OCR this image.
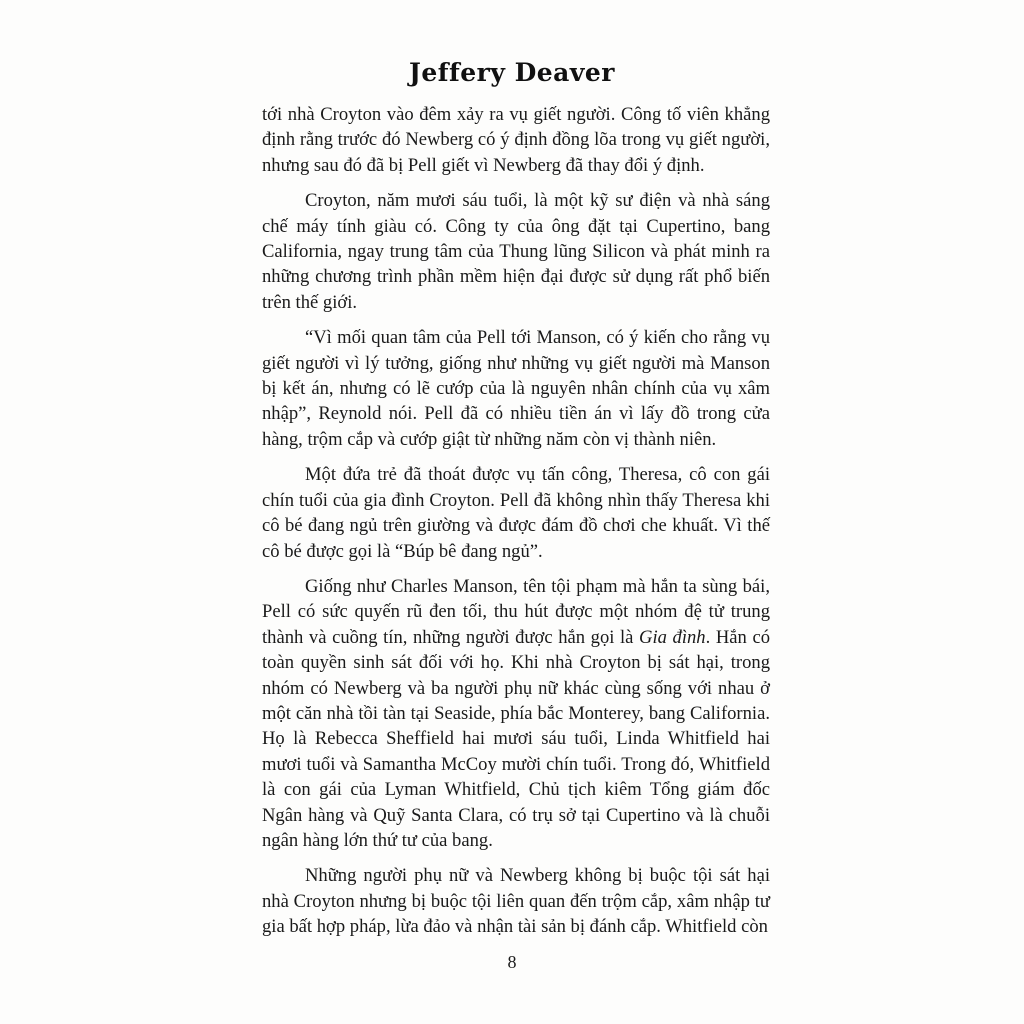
Jeffery Deaver

tới nhà Croyton vào đêm xảy ra vụ giết người. Công tố viên khẳng định rằng trước đó Newberg có ý định đồng lõa trong vụ giết người, nhưng sau đó đã bị Pell giết vì Newberg đã thay đổi ý định.

Croyton, năm mươi sáu tuổi, là một kỹ sư điện và nhà sáng chế máy tính giàu có. Công ty của ông đặt tại Cupertino, bang California, ngay trung tâm của Thung lũng Silicon và phát minh ra những chương trình phần mềm hiện đại được sử dụng rất phổ biến trên thế giới.

“Vì mối quan tâm của Pell tới Manson, có ý kiến cho rằng vụ giết người vì lý tưởng, giống như những vụ giết người mà Manson bị kết án, nhưng có lẽ cướp của là nguyên nhân chính của vụ xâm nhập”, Reynold nói. Pell đã có nhiều tiền án vì lấy đồ trong cửa hàng, trộm cắp và cướp giật từ những năm còn vị thành niên.

Một đứa trẻ đã thoát được vụ tấn công, Theresa, cô con gái chín tuổi của gia đình Croyton. Pell đã không nhìn thấy Theresa khi cô bé đang ngủ trên giường và được đám đồ chơi che khuất. Vì thế cô bé được gọi là “Búp bê đang ngủ”.

Giống như Charles Manson, tên tội phạm mà hắn ta sùng bái, Pell có sức quyến rũ đen tối, thu hút được một nhóm đệ tử trung thành và cuồng tín, những người được hắn gọi là Gia đình. Hắn có toàn quyền sinh sát đối với họ. Khi nhà Croyton bị sát hại, trong nhóm có Newberg và ba người phụ nữ khác cùng sống với nhau ở một căn nhà tồi tàn tại Seaside, phía bắc Monterey, bang California. Họ là Rebecca Sheffield hai mươi sáu tuổi, Linda Whitfield hai mươi tuổi và Samantha McCoy mười chín tuổi. Trong đó, Whitfield là con gái của Lyman Whitfield, Chủ tịch kiêm Tổng giám đốc Ngân hàng và Quỹ Santa Clara, có trụ sở tại Cupertino và là chuỗi ngân hàng lớn thứ tư của bang.

Những người phụ nữ và Newberg không bị buộc tội sát hại nhà Croyton nhưng bị buộc tội liên quan đến trộm cắp, xâm nhập tư gia bất hợp pháp, lừa đảo và nhận tài sản bị đánh cắp. Whitfield còn

8
